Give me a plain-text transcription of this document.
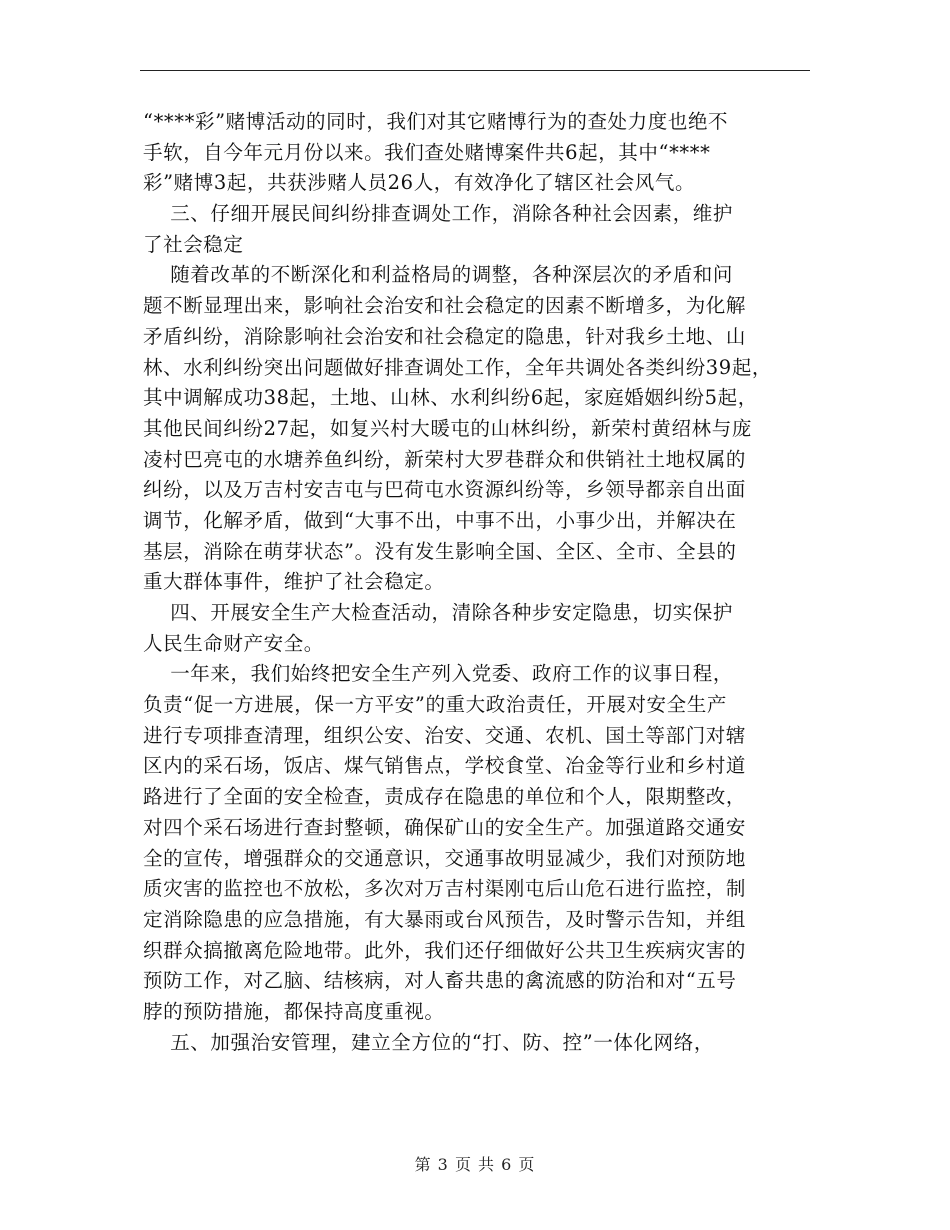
“****彩”赌博活动的同时，我们对其它赌博行为的查处力度也绝不
手软，自今年元月份以来。我们查处赌博案件共6起，其中“****
彩”赌博3起，共获涉赌人员26人，有效净化了辖区社会风气。
三、仔细开展民间纠纷排查调处工作，消除各种社会因素，维护
了社会稳定
随着改革的不断深化和利益格局的调整，各种深层次的矛盾和问
题不断显理出来，影响社会治安和社会稳定的因素不断增多，为化解
矛盾纠纷，消除影响社会治安和社会稳定的隐患，针对我乡土地、山
林、水利纠纷突出问题做好排查调处工作，全年共调处各类纠纷39起，
其中调解成功38起，土地、山林、水利纠纷6起，家庭婚姻纠纷5起，
其他民间纠纷27起，如复兴村大暖屯的山林纠纷，新荣村黄绍林与庞
凌村巴亮屯的水塘养鱼纠纷，新荣村大罗巷群众和供销社土地权属的
纠纷，以及万吉村安吉屯与巴荷屯水资源纠纷等，乡领导都亲自出面
调节，化解矛盾，做到“大事不出，中事不出，小事少出，并解决在
基层，消除在萌芽状态”。没有发生影响全国、全区、全市、全县的
重大群体事件，维护了社会稳定。
四、开展安全生产大检查活动，清除各种步安定隐患，切实保护
人民生命财产安全。
一年来，我们始终把安全生产列入党委、政府工作的议事日程，
负责“促一方进展，保一方平安”的重大政治责任，开展对安全生产
进行专项排查清理，组织公安、治安、交通、农机、国土等部门对辖
区内的采石场，饭店、煤气销售点，学校食堂、冶金等行业和乡村道
路进行了全面的安全检查，责成存在隐患的单位和个人，限期整改，
对四个采石场进行查封整顿，确保矿山的安全生产。加强道路交通安
全的宣传，增强群众的交通意识，交通事故明显减少，我们对预防地
质灾害的监控也不放松，多次对万吉村渠刚屯后山危石进行监控，制
定消除隐患的应急措施，有大暴雨或台风预告，及时警示告知，并组
织群众搞撤离危险地带。此外，我们还仔细做好公共卫生疾病灾害的
预防工作，对乙脑、结核病，对人畜共患的禽流感的防治和对“五号
脖的预防措施，都保持高度重视。
五、加强治安管理，建立全方位的“打、防、控”一体化网络，
第 3 页 共 6 页
